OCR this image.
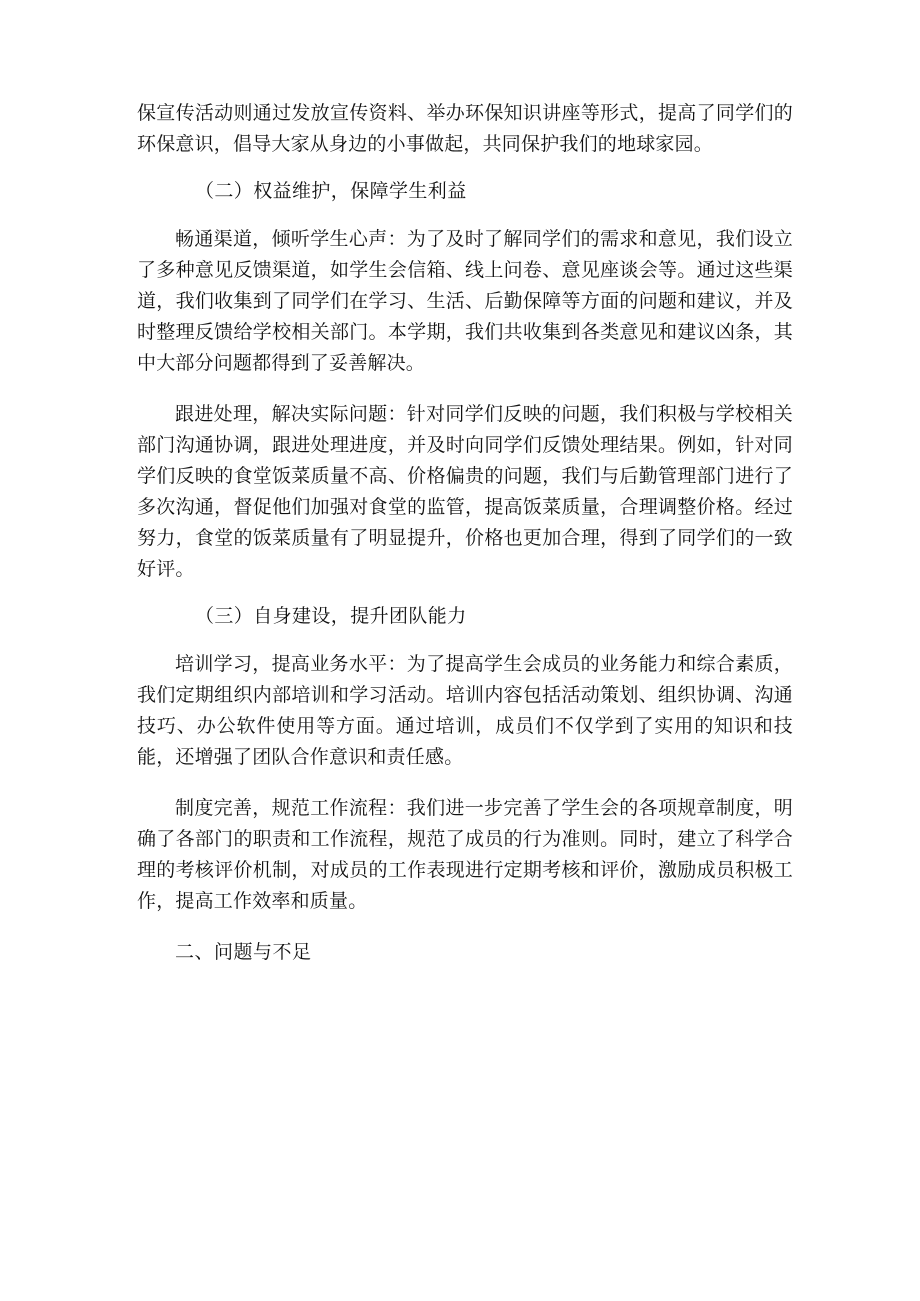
保宣传活动则通过发放宣传资料、举办环保知识讲座等形式，提高了同学们的环保意识，倡导大家从身边的小事做起，共同保护我们的地球家园。

（二）权益维护，保障学生利益

畅通渠道，倾听学生心声：为了及时了解同学们的需求和意见，我们设立了多种意见反馈渠道，如学生会信箱、线上问卷、意见座谈会等。通过这些渠道，我们收集到了同学们在学习、生活、后勤保障等方面的问题和建议，并及时整理反馈给学校相关部门。本学期，我们共收集到各类意见和建议凶条，其中大部分问题都得到了妥善解决。

跟进处理，解决实际问题：针对同学们反映的问题，我们积极与学校相关部门沟通协调，跟进处理进度，并及时向同学们反馈处理结果。例如，针对同学们反映的食堂饭菜质量不高、价格偏贵的问题，我们与后勤管理部门进行了多次沟通，督促他们加强对食堂的监管，提高饭菜质量，合理调整价格。经过努力，食堂的饭菜质量有了明显提升，价格也更加合理，得到了同学们的一致好评。

（三）自身建设，提升团队能力

培训学习，提高业务水平：为了提高学生会成员的业务能力和综合素质，我们定期组织内部培训和学习活动。培训内容包括活动策划、组织协调、沟通技巧、办公软件使用等方面。通过培训，成员们不仅学到了实用的知识和技能，还增强了团队合作意识和责任感。

制度完善，规范工作流程：我们进一步完善了学生会的各项规章制度，明确了各部门的职责和工作流程，规范了成员的行为准则。同时，建立了科学合理的考核评价机制，对成员的工作表现进行定期考核和评价，激励成员积极工作，提高工作效率和质量。

二、问题与不足
